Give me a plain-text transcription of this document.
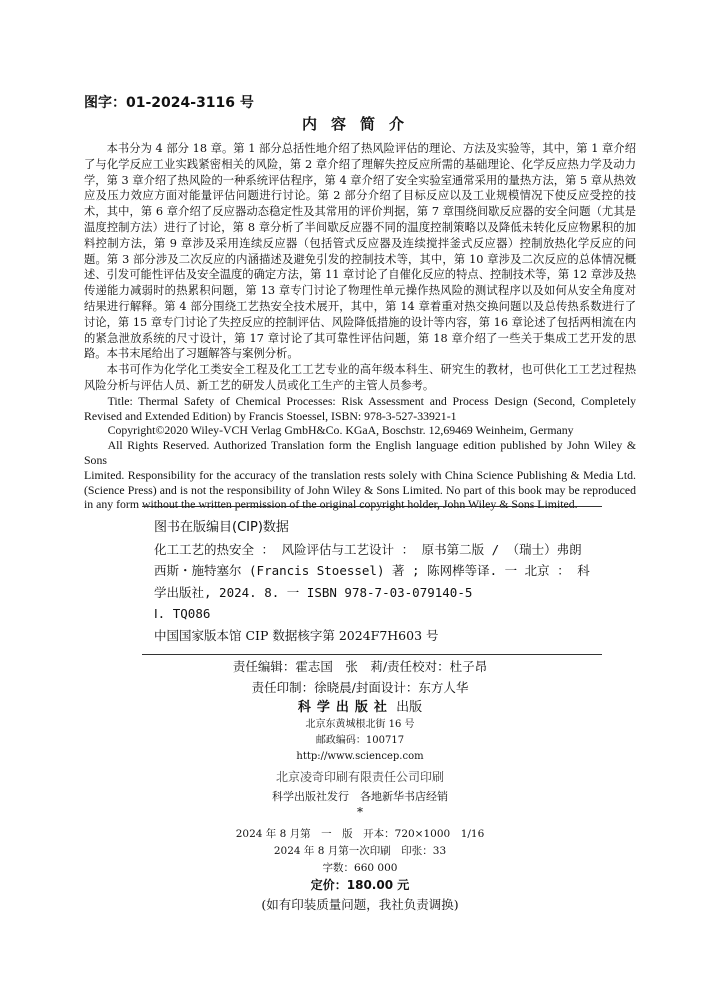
图字：01-2024-3116 号
内容简介

本书分为 4 部分 18 章。第 1 部分总括性地介绍了热风险评估的理论、方法及实验等，其中，第 1 章介绍了与化学反应工业实践紧密相关的风险，第 2 章介绍了理解失控反应所需的基础理论、化学反应热力学及动力学，第 3 章介绍了热风险的一种系统评估程序，第 4 章介绍了安全实验室通常采用的量热方法，第 5 章从热效应及压力效应方面对能量评估问题进行讨论。第 2 部分介绍了目标反应以及工业规模情况下使反应受控的技术，其中，第 6 章介绍了反应器动态稳定性及其常用的评价判据，第 7 章围绕间歇反应器的安全问题（尤其是温度控制方法）进行了讨论，第 8 章分析了半间歇反应器不同的温度控制策略以及降低未转化反应物累积的加料控制方法，第 9 章涉及采用连续反应器（包括管式反应器及连续搅拌釜式反应器）控制放热化学反应的问题。第 3 部分涉及二次反应的内涵描述及避免引发的控制技术等，其中，第 10 章涉及二次反应的总体情况概述、引发可能性评估及安全温度的确定方法，第 11 章讨论了自催化反应的特点、控制技术等，第 12 章涉及热传递能力减弱时的热累积问题，第 13 章专门讨论了物理性单元操作热风险的测试程序以及如何从安全角度对结果进行解释。第 4 部分围绕工艺热安全技术展开，其中，第 14 章着重对热交换问题以及总传热系数进行了讨论，第 15 章专门讨论了失控反应的控制评估、风险降低措施的设计等内容，第 16 章论述了包括两相流在内的紧急泄放系统的尺寸设计，第 17 章讨论了其可靠性评估问题，第 18 章介绍了一些关于集成工艺开发的思路。本书末尾给出了习题解答与案例分析。

本书可作为化学化工类安全工程及化工工艺专业的高年级本科生、研究生的教材，也可供化工工艺过程热风险分析与评估人员、新工艺的研发人员或化工生产的主管人员参考。

Title: Thermal Safety of Chemical Processes: Risk Assessment and Process Design (Second, Completely Revised and Extended Edition) by Francis Stoessel, ISBN: 978-3-527-33921-1

Copyright©2020 Wiley-VCH Verlag GmbH&Co. KGaA, Boschstr. 12,69469 Weinheim, Germany

All Rights Reserved. Authorized Translation form the English language edition published by John Wiley & Sons

Limited. Responsibility for the accuracy of the translation rests solely with China Science Publishing & Media Ltd. (Science Press) and is not the responsibility of John Wiley & Sons Limited. No part of this book may be reproduced in any form without the written permission of the original copyright holder, John Wiley & Sons Limited.

图书在版编目(CIP)数据
化工工艺的热安全 ： 风险评估与工艺设计 ： 原书第二版 / （瑞士）弗朗西斯・施特塞尔 (Francis Stoessel) 著 ; 陈网桦等译. 一 北京 ： 科学出版社, 2024. 8. 一 ISBN 978-7-03-079140-5
Ⅰ. TQ086
中国国家版本馆 CIP 数据核字第 2024F7H603 号
责任编辑：霍志国　张　莉/责任校对：杜子昂
责任印制：徐晓晨/封面设计：东方人华
科学出版社 出版
北京东黄城根北街 16 号
邮政编码：100717
http://www.sciencep.com
北京凌奇印刷有限责任公司印刷
科学出版社发行　各地新华书店经销
*
2024 年 8 月第　一　版　开本：720×1000　1/16
2024 年 8 月第一次印刷　印张：33
字数：660 000
定价：180.00 元
(如有印装质量问题，我社负责调换)
